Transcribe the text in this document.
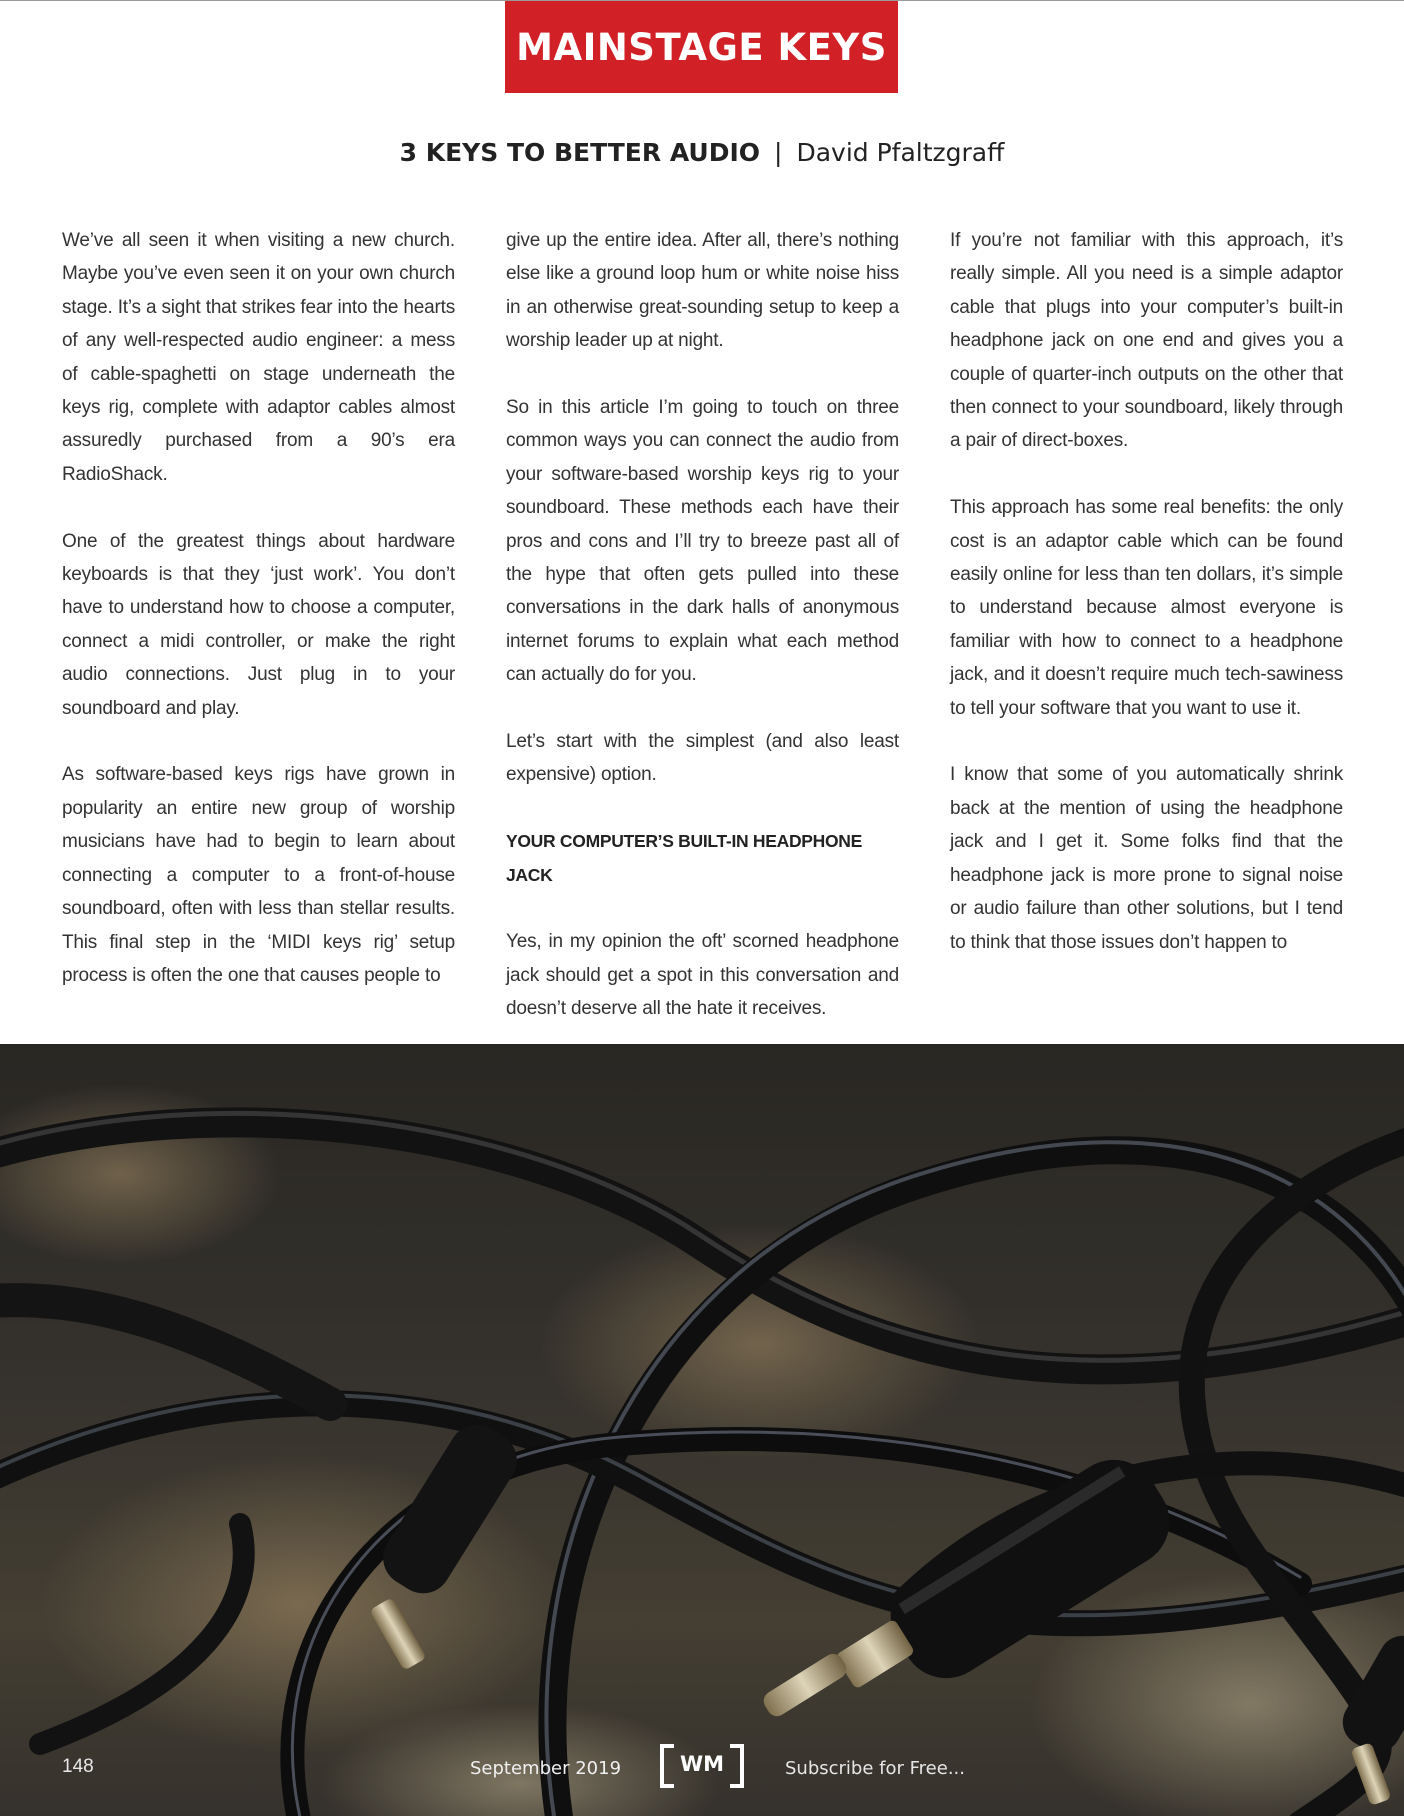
MAINSTAGE KEYS
3 KEYS TO BETTER AUDIO | David Pfaltzgraff

We’ve all seen it when visiting a new church. Maybe you’ve even seen it on your own church stage. It’s a sight that strikes fear into the hearts of any well-respected audio engineer: a mess of cable-spaghetti on stage underneath the keys rig, complete with adaptor cables almost assuredly purchased from a 90’s era RadioShack.

One of the greatest things about hardware keyboards is that they ‘just work’. You don’t have to understand how to choose a computer, connect a midi controller, or make the right audio connections. Just plug in to your soundboard and play.

As software-based keys rigs have grown in popularity an entire new group of worship musicians have had to begin to learn about connecting a computer to a front-of-house soundboard, often with less than stellar results. This final step in the ‘MIDI keys rig’ setup process is often the one that causes people to

give up the entire idea. After all, there’s nothing else like a ground loop hum or white noise hiss in an otherwise great-sounding setup to keep a worship leader up at night.

So in this article I’m going to touch on three common ways you can connect the audio from your software-based worship keys rig to your soundboard. These methods each have their pros and cons and I’ll try to breeze past all of the hype that often gets pulled into these conversations in the dark halls of anonymous internet forums to explain what each method can actually do for you.

Let’s start with the simplest (and also least expensive) option.

YOUR COMPUTER’S BUILT-IN HEADPHONE JACK

Yes, in my opinion the oft’ scorned headphone jack should get a spot in this conversation and doesn’t deserve all the hate it receives.

If you’re not familiar with this approach, it’s really simple. All you need is a simple adaptor cable that plugs into your computer’s built-in headphone jack on one end and gives you a couple of quarter-inch outputs on the other that then connect to your soundboard, likely through a pair of direct-boxes.

This approach has some real benefits: the only cost is an adaptor cable which can be found easily online for less than ten dollars, it’s simple to understand because almost everyone is familiar with how to connect to a headphone jack, and it doesn’t require much tech-sawiness to tell your software that you want to use it.

I know that some of you automatically shrink back at the mention of using the headphone jack and I get it. Some folks find that the headphone jack is more prone to signal noise or audio failure than other solutions, but I tend to think that those issues don’t happen to

148	September 2019	WM	Subscribe for Free...
